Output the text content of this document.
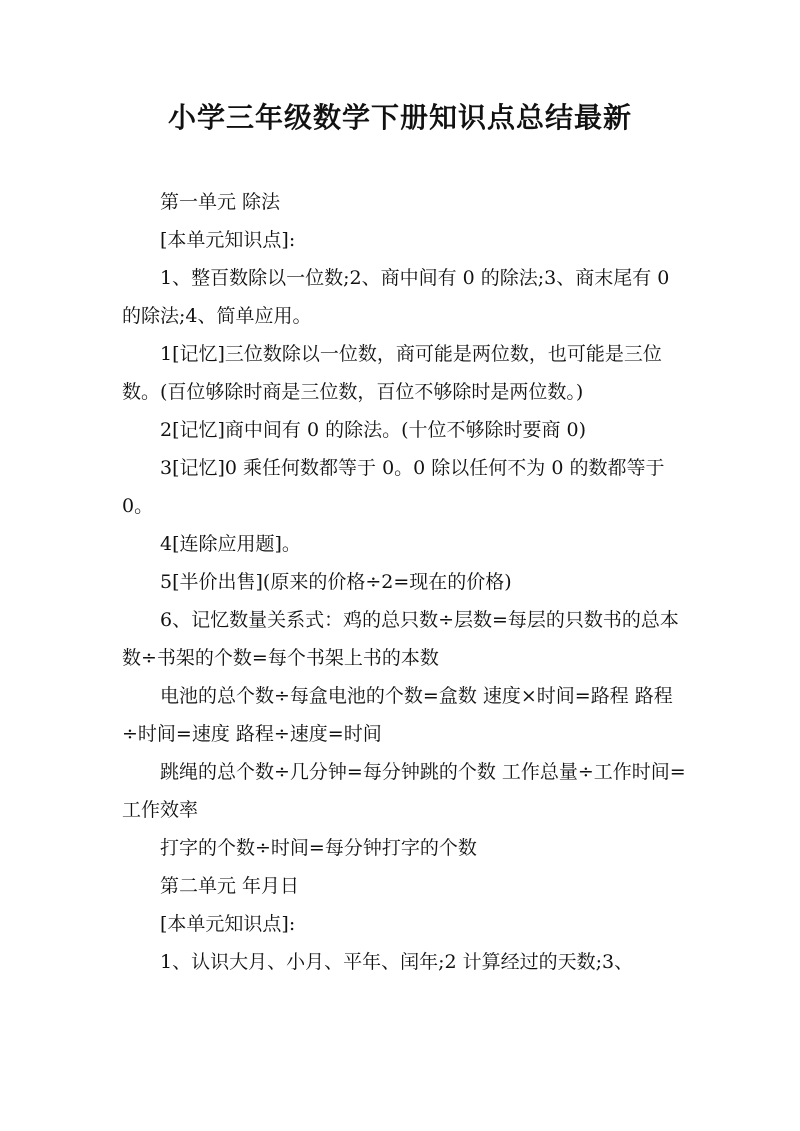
小学三年级数学下册知识点总结最新

第一单元 除法

[本单元知识点]:

1、整百数除以一位数;2、商中间有 0 的除法;3、商末尾有 0 的除法;4、简单应用。

1[记忆]三位数除以一位数，商可能是两位数，也可能是三位数。(百位够除时商是三位数，百位不够除时是两位数。)

2[记忆]商中间有 0 的除法。(十位不够除时要商 0)

3[记忆]0 乘任何数都等于 0。0 除以任何不为 0 的数都等于 0。

4[连除应用题]。

5[半价出售](原来的价格÷2=现在的价格)

6、记忆数量关系式：鸡的总只数÷层数=每层的只数书的总本数÷书架的个数=每个书架上书的本数

电池的总个数÷每盒电池的个数=盒数 速度×时间=路程 路程÷时间=速度 路程÷速度=时间

跳绳的总个数÷几分钟=每分钟跳的个数 工作总量÷工作时间=工作效率

打字的个数÷时间=每分钟打字的个数

第二单元 年月日

[本单元知识点]:

1、认识大月、小月、平年、闰年;2 计算经过的天数;3、
